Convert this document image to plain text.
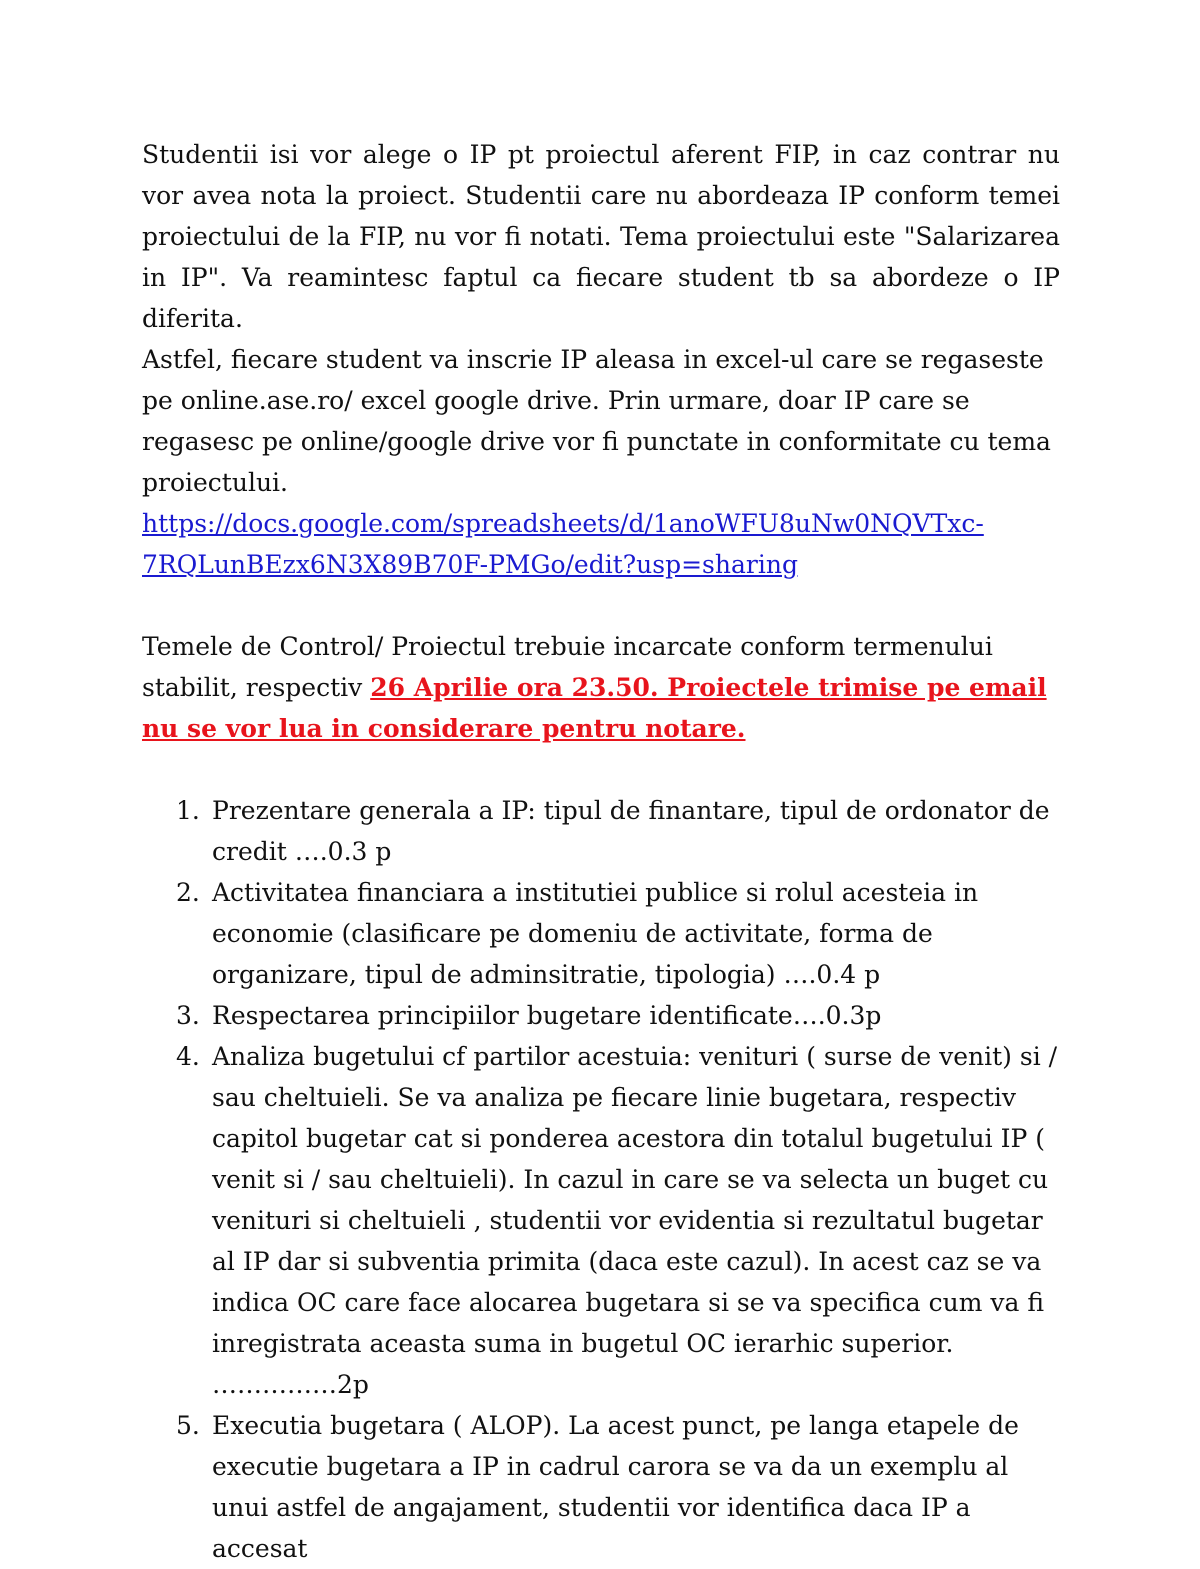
Studentii isi vor alege o IP pt proiectul aferent FIP, in caz contrar nu vor avea nota la proiect. Studentii care nu abordeaza IP conform temei proiectului de la FIP, nu vor fi notati. Tema proiectului este "Salarizarea in IP". Va reamintesc faptul ca fiecare student tb sa abordeze o IP diferita.

Astfel, fiecare student va inscrie IP aleasa in excel-ul care se regaseste pe online.ase.ro/ excel google drive. Prin urmare, doar IP care se regasesc pe online/google drive vor fi punctate in conformitate cu tema proiectului.

https://docs.google.com/spreadsheets/d/1anoWFU8uNw0NQVTxc-
7RQLunBEzx6N3X89B70F-PMGo/edit?usp=sharing

Temele de Control/ Proiectul trebuie incarcate conform termenului stabilit, respectiv 26 Aprilie ora 23.50. Proiectele trimise pe email nu se vor lua in considerare pentru notare.

1. Prezentare generala a IP: tipul de finantare, tipul de ordonator de credit ….0.3 p
2. Activitatea financiara a institutiei publice si rolul acesteia in economie (clasificare pe domeniu de activitate, forma de organizare, tipul de adminsitratie, tipologia) ….0.4 p
3. Respectarea principiilor bugetare identificate….0.3p
4. Analiza bugetului cf partilor acestuia: venituri ( surse de venit) si / sau cheltuieli. Se va analiza pe fiecare linie bugetara, respectiv capitol bugetar cat si ponderea acestora din totalul bugetului IP ( venit si / sau cheltuieli). In cazul in care se va selecta un buget cu venituri si cheltuieli , studentii vor evidentia si rezultatul bugetar al IP dar si subventia primita (daca este cazul). In acest caz se va indica OC care face alocarea bugetara si se va specifica cum va fi inregistrata aceasta suma in bugetul OC ierarhic superior. ……………2p
5. Executia bugetara ( ALOP). La acest punct, pe langa etapele de executie bugetara a IP in cadrul carora se va da un exemplu al unui astfel de angajament, studentii vor identifica daca IP a accesat
